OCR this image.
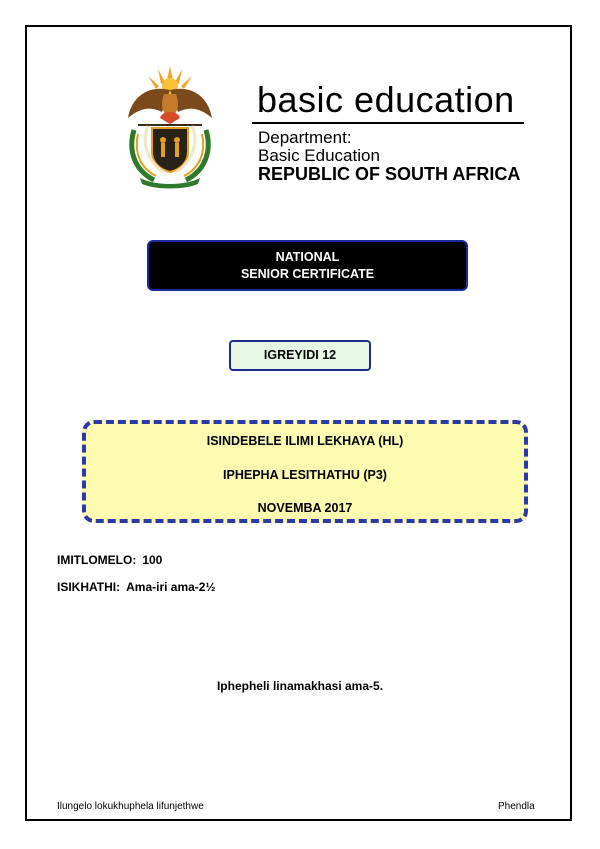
basic education
Department:
Basic Education
REPUBLIC OF SOUTH AFRICA
NATIONAL
SENIOR CERTIFICATE
IGREYIDI 12
ISINDEBELE ILIMI LEKHAYA (HL)
IPHEPHA LESITHATHU (P3)
NOVEMBA 2017
IMITLOMELO: 100
ISIKHATHI: Ama-iri ama-2½
Iphepheli linamakhasi ama-5.
Ilungelo lokukhuphela lifunjethwe	Phendla
